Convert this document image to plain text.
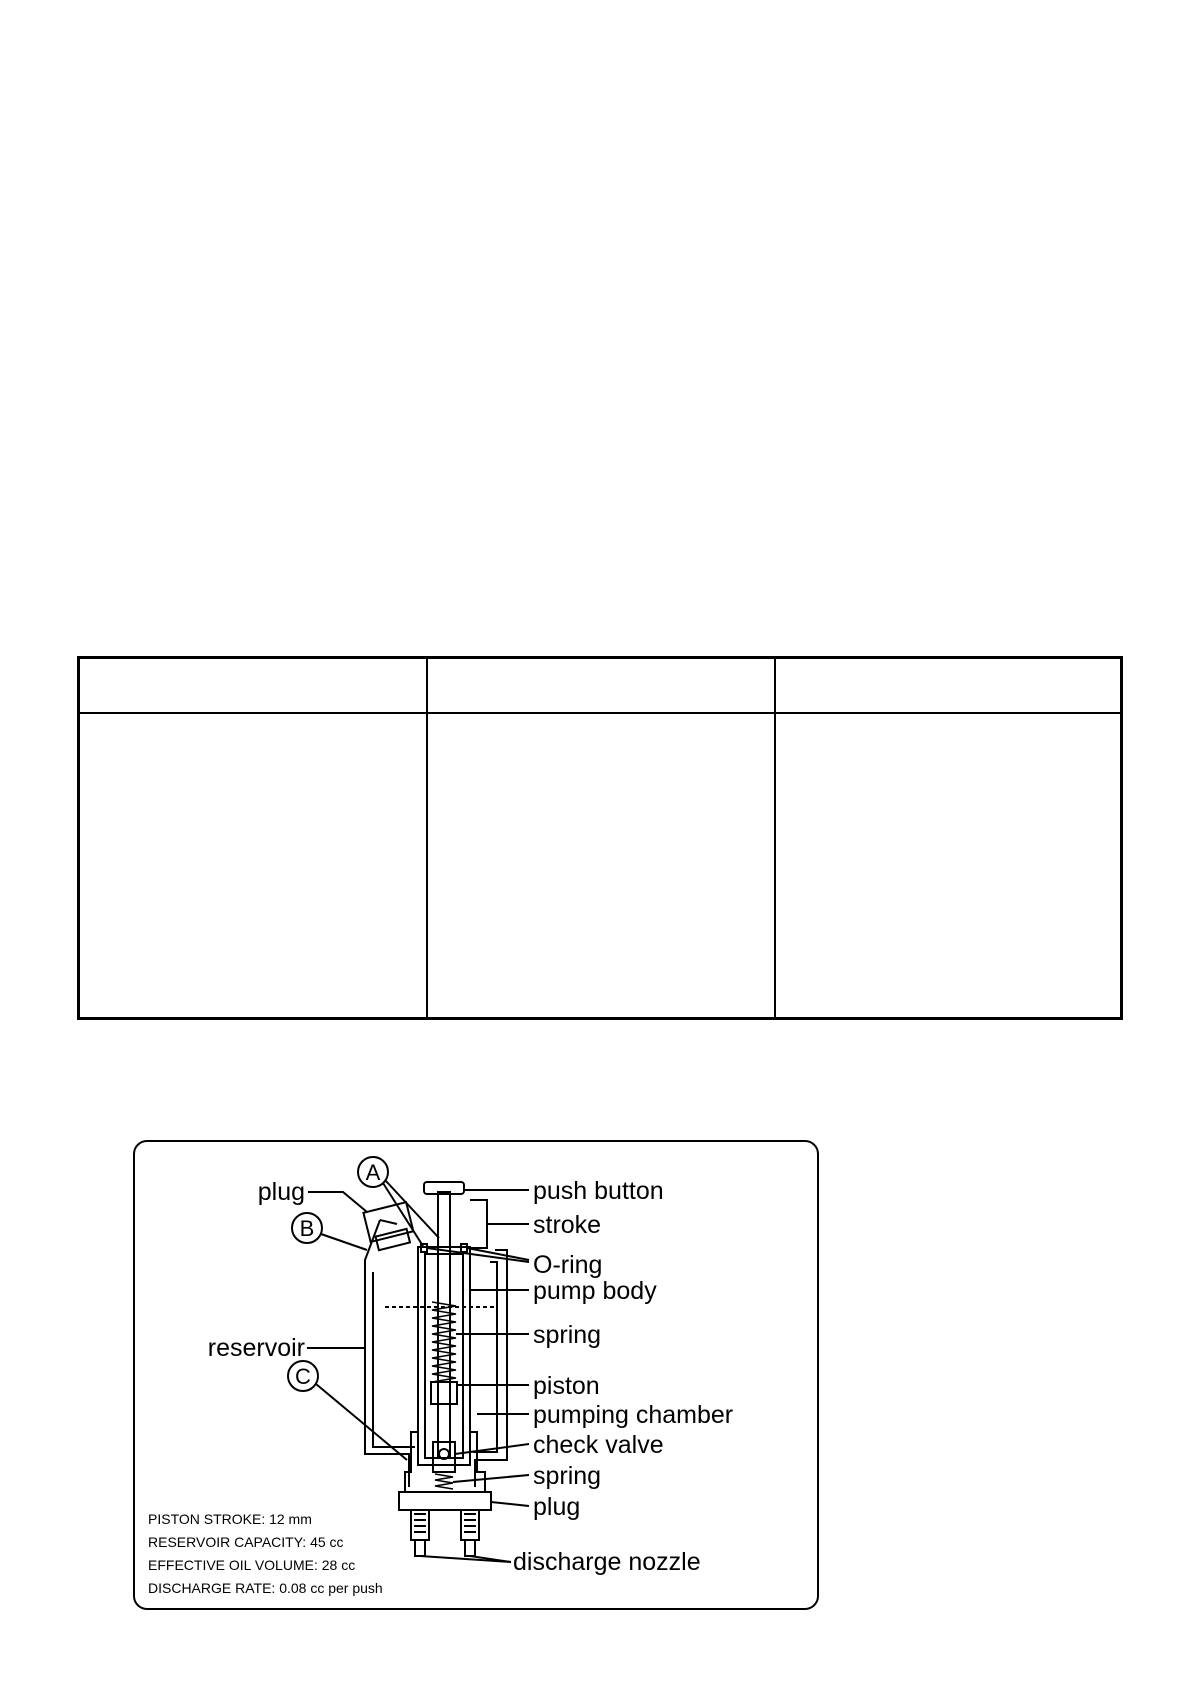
A
B
C
plug
reservoir
push button
stroke
O-ring
pump body
spring
piston
pumping chamber
check valve
spring
plug
discharge nozzle
PISTON STROKE: 12 mm
RESERVOIR CAPACITY: 45 cc
EFFECTIVE OIL VOLUME: 28 cc
DISCHARGE RATE: 0.08 cc per push
